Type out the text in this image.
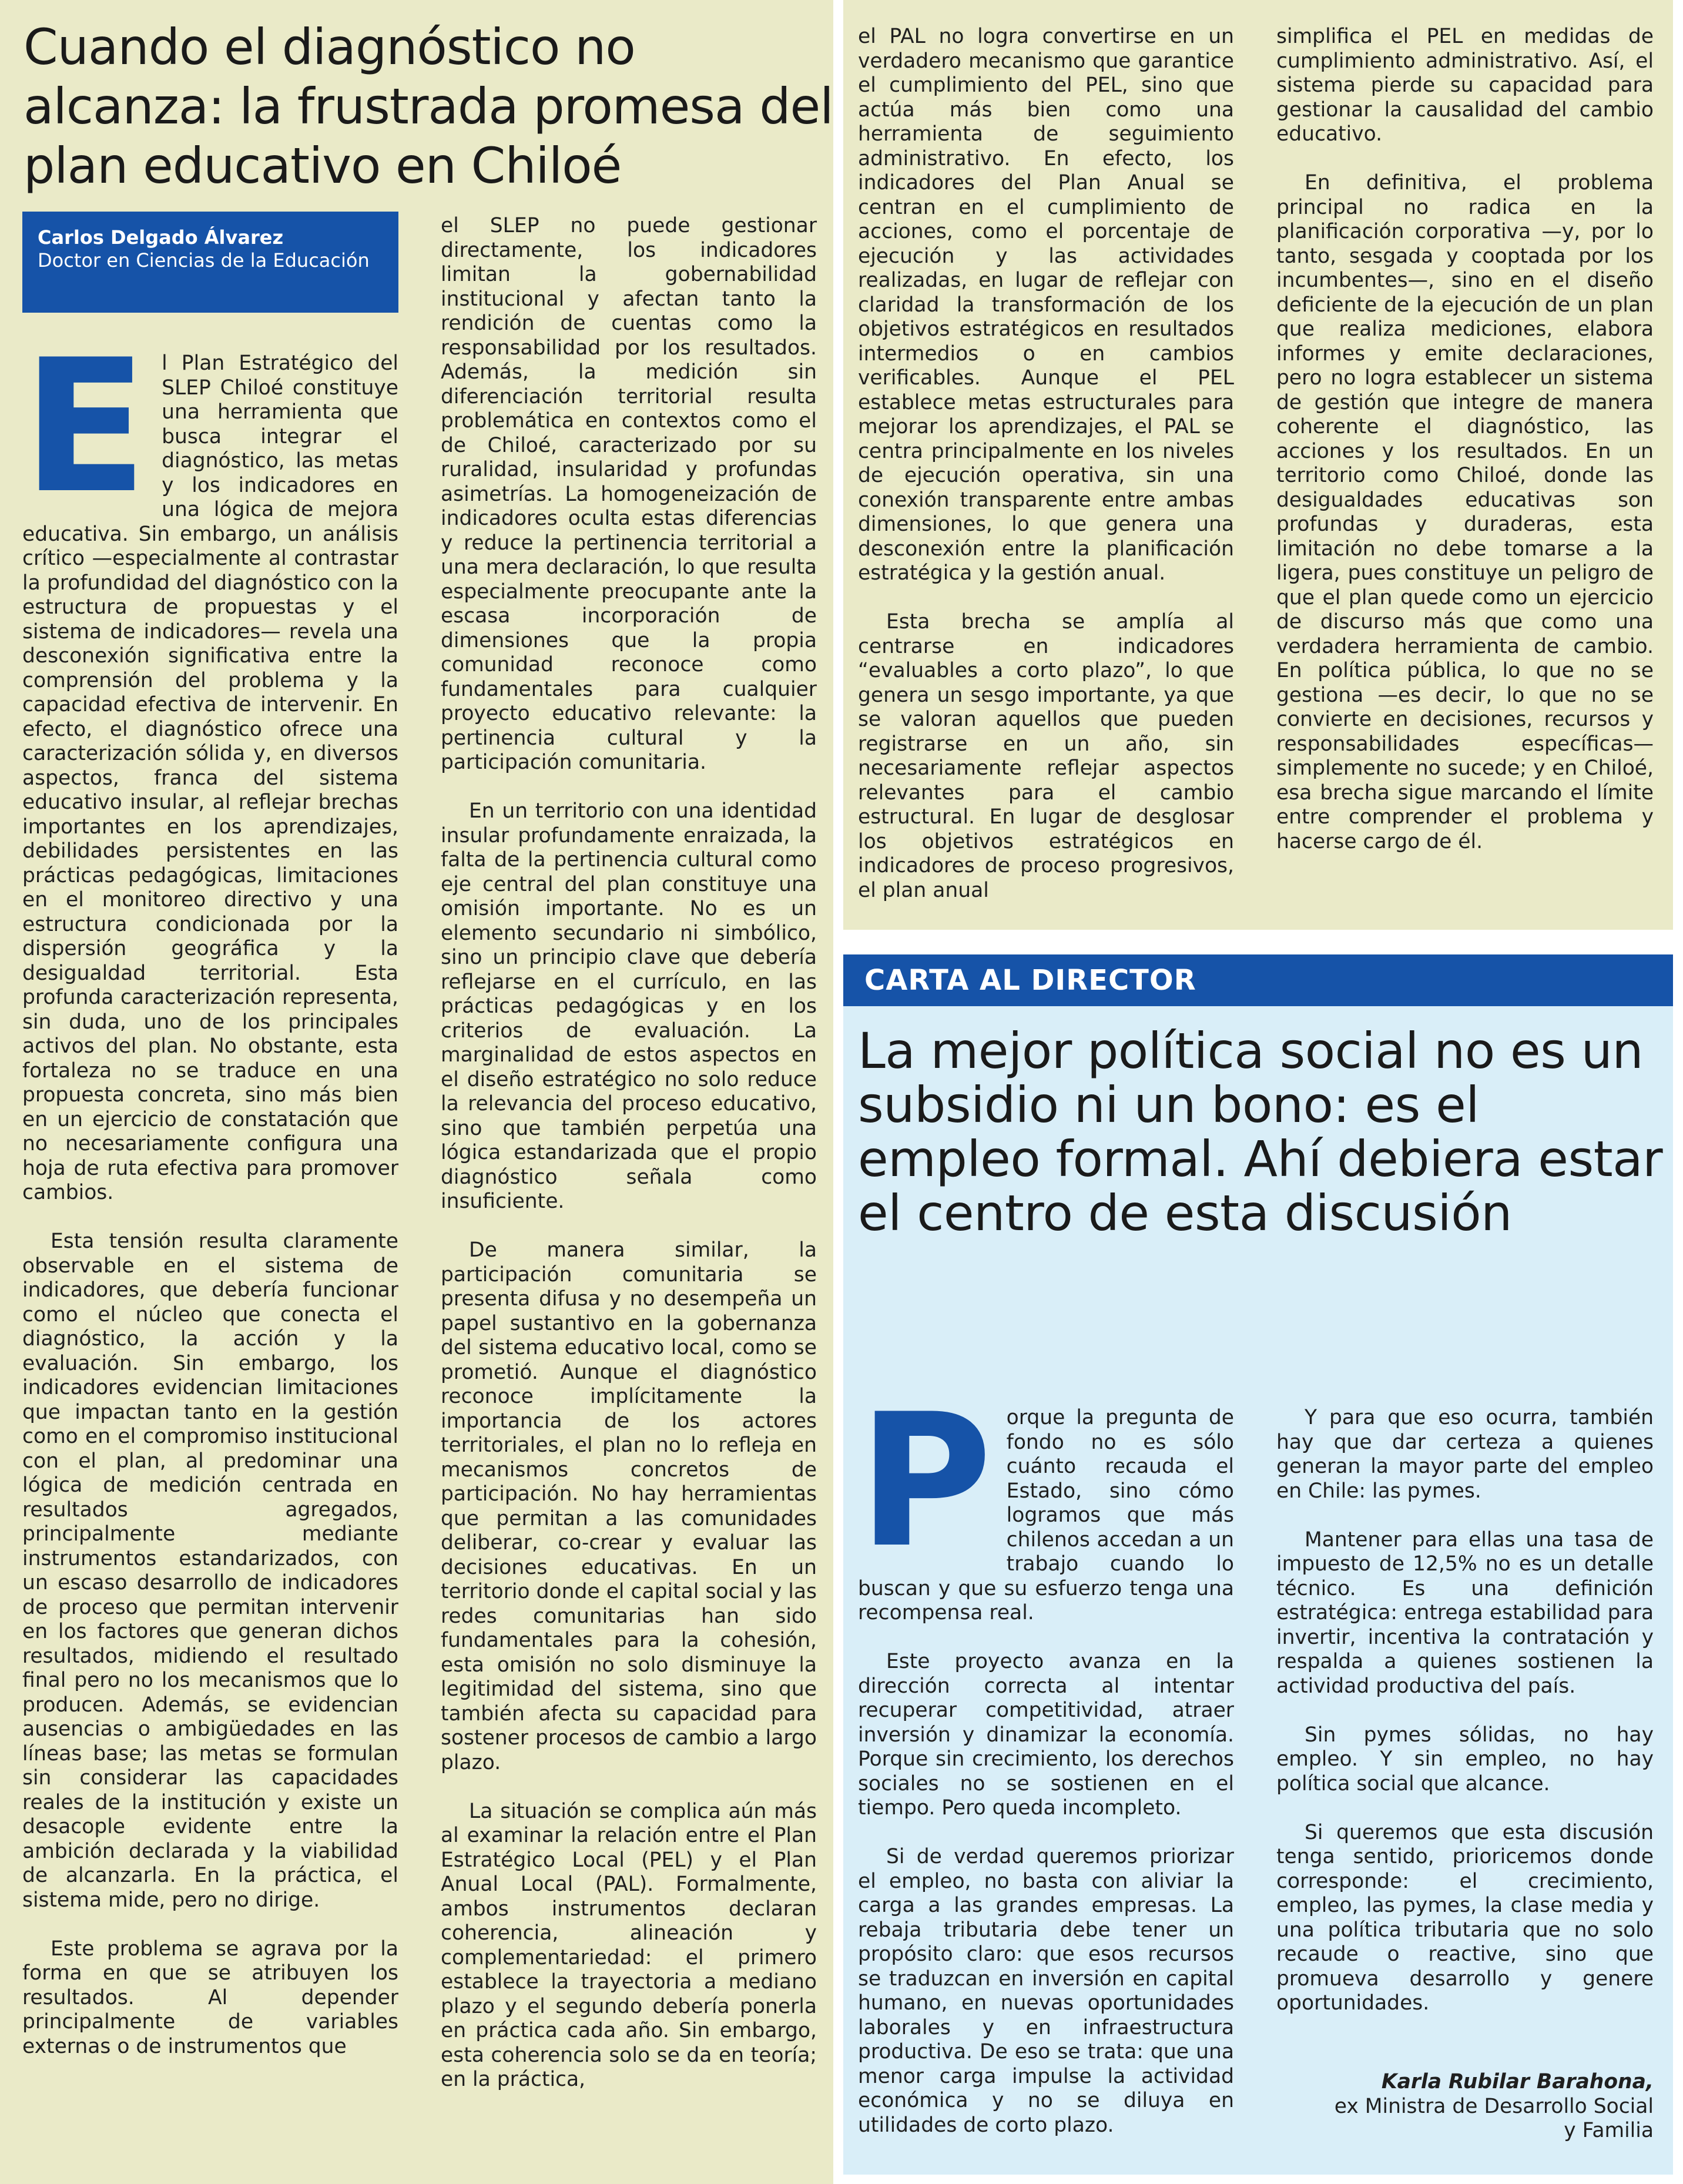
Cuando el diagnóstico no alcanza: la frustrada promesa del plan educativo en Chiloé
Carlos Delgado Álvarez
Doctor en Ciencias de la Educación

El Plan Estratégico del SLEP Chiloé constituye una herramienta que busca integrar el diagnóstico, las metas y los indicadores en una lógica de mejora educativa. Sin embargo, un análisis crítico —especialmente al contrastar la profundidad del diagnóstico con la estructura de propuestas y el sistema de indicadores— revela una desconexión significativa entre la comprensión del problema y la capacidad efectiva de intervenir. En efecto, el diagnóstico ofrece una caracterización sólida y, en diversos aspectos, franca del sistema educativo insular, al reflejar brechas importantes en los aprendizajes, debilidades persistentes en las prácticas pedagógicas, limitaciones en el monitoreo directivo y una estructura condicionada por la dispersión geográfica y la desigualdad territorial. Esta profunda caracterización representa, sin duda, uno de los principales activos del plan. No obstante, esta fortaleza no se traduce en una propuesta concreta, sino más bien en un ejercicio de constatación que no necesariamente configura una hoja de ruta efectiva para promover cambios.

Esta tensión resulta claramente observable en el sistema de indicadores, que debería funcionar como el núcleo que conecta el diagnóstico, la acción y la evaluación. Sin embargo, los indicadores evidencian limitaciones que impactan tanto en la gestión como en el compromiso institucional con el plan, al predominar una lógica de medición centrada en resultados agregados, principalmente mediante instrumentos estandarizados, con un escaso desarrollo de indicadores de proceso que permitan intervenir en los factores que generan dichos resultados, midiendo el resultado final pero no los mecanismos que lo producen. Además, se evidencian ausencias o ambigüedades en las líneas base; las metas se formulan sin considerar las capacidades reales de la institución y existe un desacople evidente entre la ambición declarada y la viabilidad de alcanzarla. En la práctica, el sistema mide, pero no dirige.

Este problema se agrava por la forma en que se atribuyen los resultados. Al depender principalmente de variables externas o de instrumentos que

el SLEP no puede gestionar directamente, los indicadores limitan la gobernabilidad institucional y afectan tanto la rendición de cuentas como la responsabilidad por los resultados. Además, la medición sin diferenciación territorial resulta problemática en contextos como el de Chiloé, caracterizado por su ruralidad, insularidad y profundas asimetrías. La homogeneización de indicadores oculta estas diferencias y reduce la pertinencia territorial a una mera declaración, lo que resulta especialmente preocupante ante la escasa incorporación de dimensiones que la propia comunidad reconoce como fundamentales para cualquier proyecto educativo relevante: la pertinencia cultural y la participación comunitaria.

En un territorio con una identidad insular profundamente enraizada, la falta de la pertinencia cultural como eje central del plan constituye una omisión importante. No es un elemento secundario ni simbólico, sino un principio clave que debería reflejarse en el currículo, en las prácticas pedagógicas y en los criterios de evaluación. La marginalidad de estos aspectos en el diseño estratégico no solo reduce la relevancia del proceso educativo, sino que también perpetúa una lógica estandarizada que el propio diagnóstico señala como insuficiente.

De manera similar, la participación comunitaria se presenta difusa y no desempeña un papel sustantivo en la gobernanza del sistema educativo local, como se prometió. Aunque el diagnóstico reconoce implícitamente la importancia de los actores territoriales, el plan no lo refleja en mecanismos concretos de participación. No hay herramientas que permitan a las comunidades deliberar, co-crear y evaluar las decisiones educativas. En un territorio donde el capital social y las redes comunitarias han sido fundamentales para la cohesión, esta omisión no solo disminuye la legitimidad del sistema, sino que también afecta su capacidad para sostener procesos de cambio a largo plazo.

La situación se complica aún más al examinar la relación entre el Plan Estratégico Local (PEL) y el Plan Anual Local (PAL). Formalmente, ambos instrumentos declaran coherencia, alineación y complementariedad: el primero establece la trayectoria a mediano plazo y el segundo debería ponerla en práctica cada año. Sin embargo, esta coherencia solo se da en teoría; en la práctica,

el PAL no logra convertirse en un verdadero mecanismo que garantice el cumplimiento del PEL, sino que actúa más bien como una herramienta de seguimiento administrativo. En efecto, los indicadores del Plan Anual se centran en el cumplimiento de acciones, como el porcentaje de ejecución y las actividades realizadas, en lugar de reflejar con claridad la transformación de los objetivos estratégicos en resultados intermedios o en cambios verificables. Aunque el PEL establece metas estructurales para mejorar los aprendizajes, el PAL se centra principalmente en los niveles de ejecución operativa, sin una conexión transparente entre ambas dimensiones, lo que genera una desconexión entre la planificación estratégica y la gestión anual.

Esta brecha se amplía al centrarse en indicadores “evaluables a corto plazo”, lo que genera un sesgo importante, ya que se valoran aquellos que pueden registrarse en un año, sin necesariamente reflejar aspectos relevantes para el cambio estructural. En lugar de desglosar los objetivos estratégicos en indicadores de proceso progresivos, el plan anual

simplifica el PEL en medidas de cumplimiento administrativo. Así, el sistema pierde su capacidad para gestionar la causalidad del cambio educativo.

En definitiva, el problema principal no radica en la planificación corporativa —y, por lo tanto, sesgada y cooptada por los incumbentes—, sino en el diseño deficiente de la ejecución de un plan que realiza mediciones, elabora informes y emite declaraciones, pero no logra establecer un sistema de gestión que integre de manera coherente el diagnóstico, las acciones y los resultados. En un territorio como Chiloé, donde las desigualdades educativas son profundas y duraderas, esta limitación no debe tomarse a la ligera, pues constituye un peligro de que el plan quede como un ejercicio de discurso más que como una verdadera herramienta de cambio. En política pública, lo que no se gestiona —es decir, lo que no se convierte en decisiones, recursos y responsabilidades específicas— simplemente no sucede; y en Chiloé, esa brecha sigue marcando el límite entre comprender el problema y hacerse cargo de él.

CARTA AL DIRECTOR
La mejor política social no es un subsidio ni un bono: es el empleo formal. Ahí debiera estar el centro de esta discusión

Porque la pregunta de fondo no es sólo cuánto recauda el Estado, sino cómo logramos que más chilenos accedan a un trabajo cuando lo buscan y que su esfuerzo tenga una recompensa real.

Este proyecto avanza en la dirección correcta al intentar recuperar competitividad, atraer inversión y dinamizar la economía. Porque sin crecimiento, los derechos sociales no se sostienen en el tiempo. Pero queda incompleto.

Si de verdad queremos priorizar el empleo, no basta con aliviar la carga a las grandes empresas. La rebaja tributaria debe tener un propósito claro: que esos recursos se traduzcan en inversión en capital humano, en nuevas oportunidades laborales y en infraestructura productiva. De eso se trata: que una menor carga impulse la actividad económica y no se diluya en utilidades de corto plazo.

Y para que eso ocurra, también hay que dar certeza a quienes generan la mayor parte del empleo en Chile: las pymes.

Mantener para ellas una tasa de impuesto de 12,5% no es un detalle técnico. Es una definición estratégica: entrega estabilidad para invertir, incentiva la contratación y respalda a quienes sostienen la actividad productiva del país.

Sin pymes sólidas, no hay empleo. Y sin empleo, no hay política social que alcance.

Si queremos que esta discusión tenga sentido, prioricemos donde corresponde: el crecimiento, empleo, las pymes, la clase media y una política tributaria que no solo recaude o reactive, sino que promueva desarrollo y genere oportunidades.

Karla Rubilar Barahona,
ex Ministra de Desarrollo Social
y Familia
